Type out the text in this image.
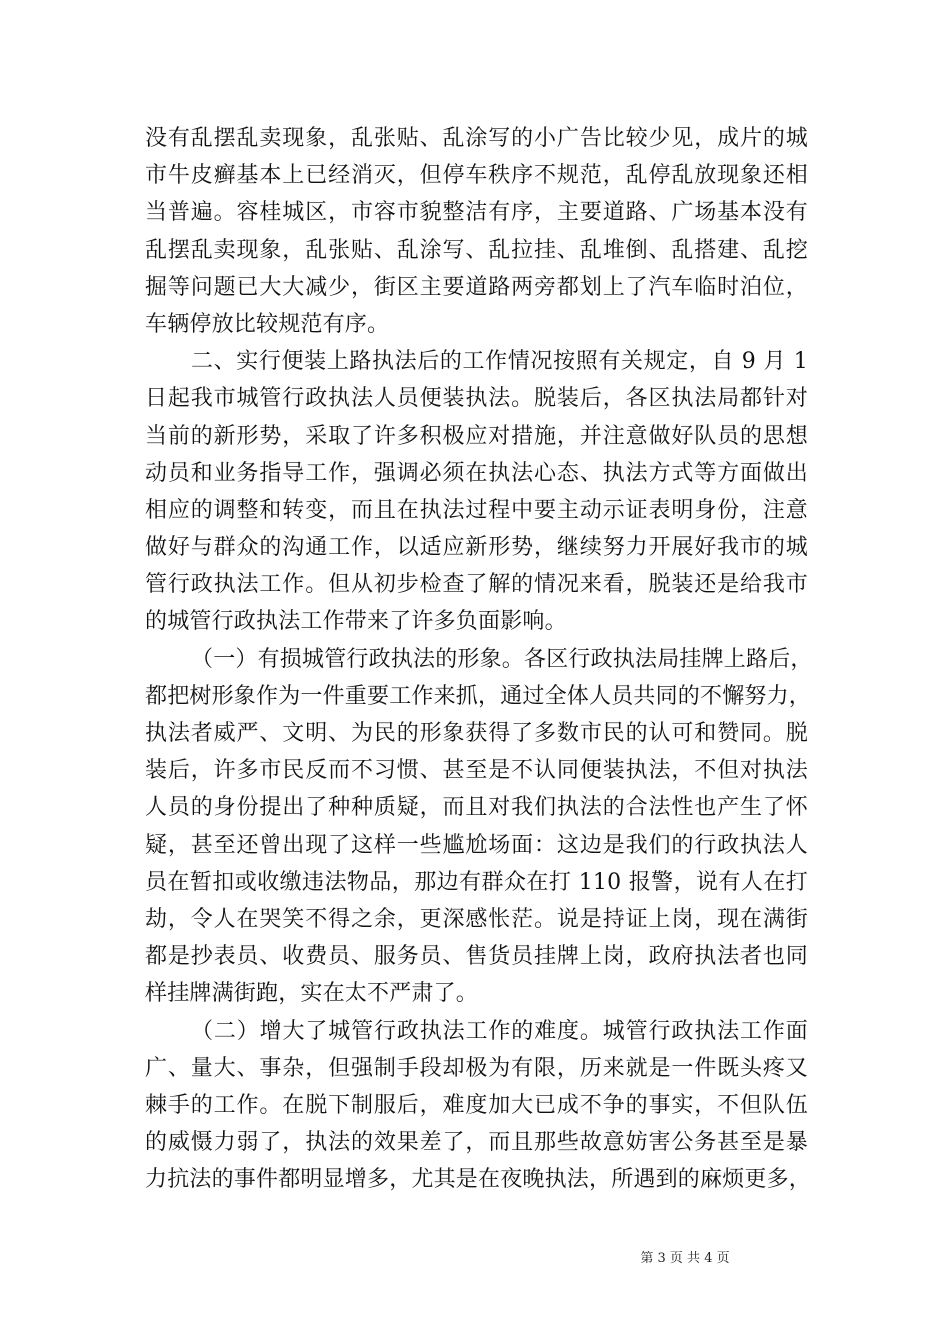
没有乱摆乱卖现象，乱张贴、乱涂写的小广告比较少见，成片的城
市牛皮癣基本上已经消灭，但停车秩序不规范，乱停乱放现象还相
当普遍。容桂城区，市容市貌整洁有序，主要道路、广场基本没有
乱摆乱卖现象，乱张贴、乱涂写、乱拉挂、乱堆倒、乱搭建、乱挖
掘等问题已大大减少，街区主要道路两旁都划上了汽车临时泊位，
车辆停放比较规范有序。
二、实行便装上路执法后的工作情况按照有关规定，自 9 月 1
日起我市城管行政执法人员便装执法。脱装后，各区执法局都针对
当前的新形势，采取了许多积极应对措施，并注意做好队员的思想
动员和业务指导工作，强调必须在执法心态、执法方式等方面做出
相应的调整和转变，而且在执法过程中要主动示证表明身份，注意
做好与群众的沟通工作，以适应新形势，继续努力开展好我市的城
管行政执法工作。但从初步检查了解的情况来看，脱装还是给我市
的城管行政执法工作带来了许多负面影响。
（一）有损城管行政执法的形象。各区行政执法局挂牌上路后，
都把树形象作为一件重要工作来抓，通过全体人员共同的不懈努力，
执法者威严、文明、为民的形象获得了多数市民的认可和赞同。脱
装后，许多市民反而不习惯、甚至是不认同便装执法，不但对执法
人员的身份提出了种种质疑，而且对我们执法的合法性也产生了怀
疑，甚至还曾出现了这样一些尴尬场面：这边是我们的行政执法人
员在暂扣或收缴违法物品，那边有群众在打 110 报警，说有人在打
劫，令人在哭笑不得之余，更深感怅茫。说是持证上岗，现在满街
都是抄表员、收费员、服务员、售货员挂牌上岗，政府执法者也同
样挂牌满街跑，实在太不严肃了。
（二）增大了城管行政执法工作的难度。城管行政执法工作面
广、量大、事杂，但强制手段却极为有限，历来就是一件既头疼又
棘手的工作。在脱下制服后，难度加大已成不争的事实，不但队伍
的威慑力弱了，执法的效果差了，而且那些故意妨害公务甚至是暴
力抗法的事件都明显增多，尤其是在夜晚执法，所遇到的麻烦更多，
第 3 页 共 4 页
